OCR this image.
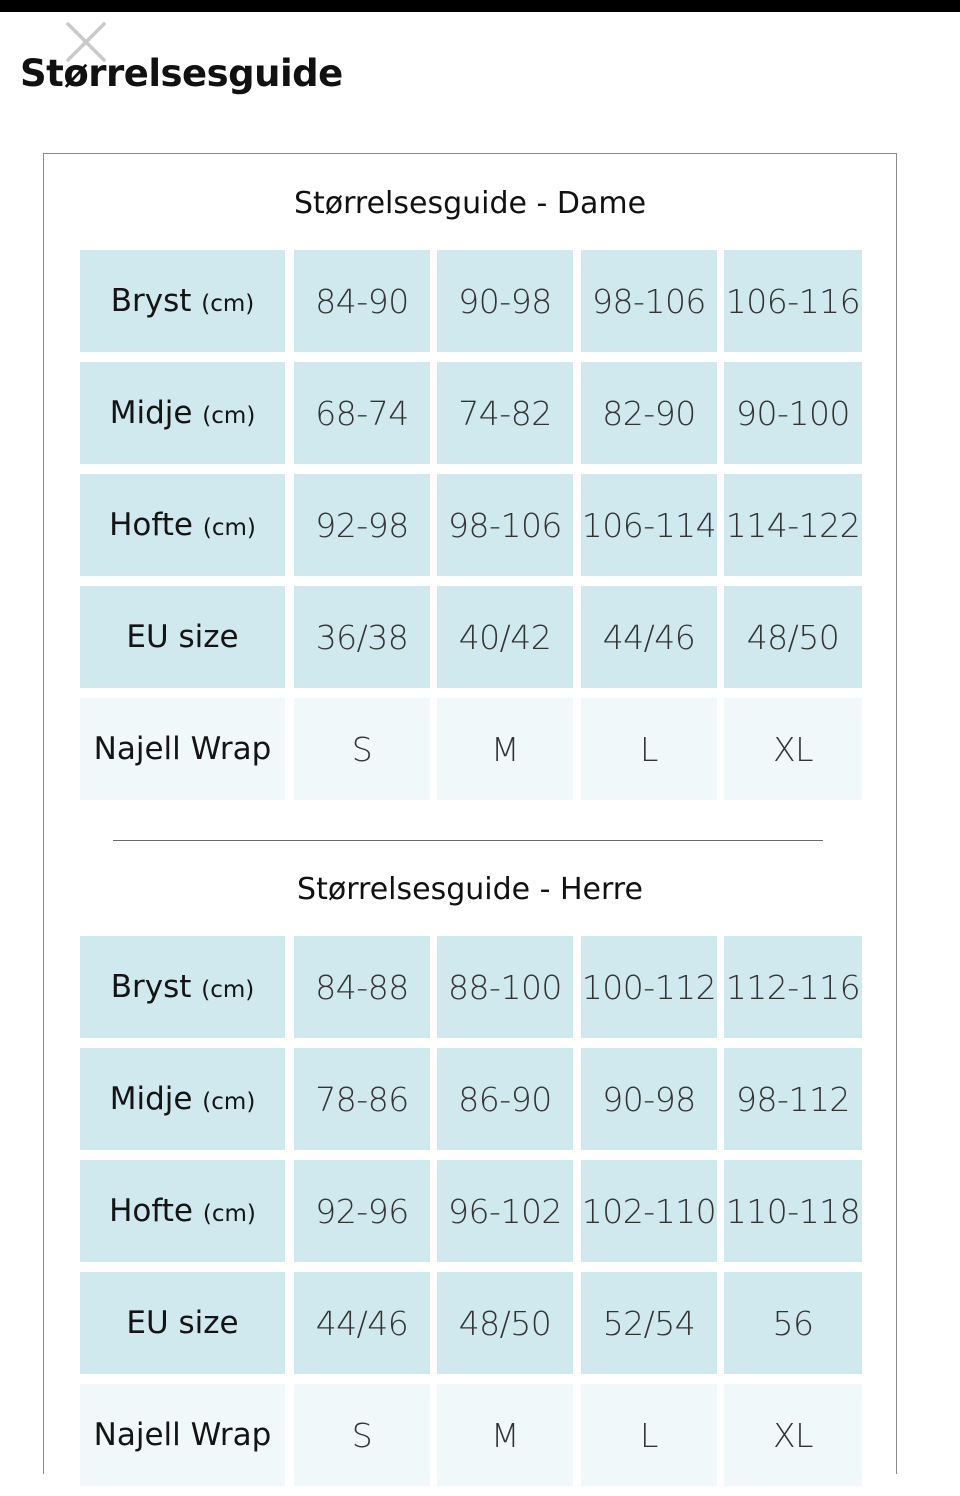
Størrelsesguide
Størrelsesguide - Dame
Bryst (cm) 84-90 90-98 98-106 106-116
Midje (cm) 68-74 74-82 82-90 90-100
Hofte (cm) 92-98 98-106 106-114 114-122
EU size 36/38 40/42 44/46 48/50
Najell Wrap S	M	L	XL
Størrelsesguide - Herre
Bryst (cm) 84-88 88-100 100-112 112-116
Midje (cm) 78-86 86-90 90-98 98-112
Hofte (cm) 92-96 96-102 102-110 110-118
EU size 44/46 48/50 52/54 56
Najell Wrap S	M	L	XL
